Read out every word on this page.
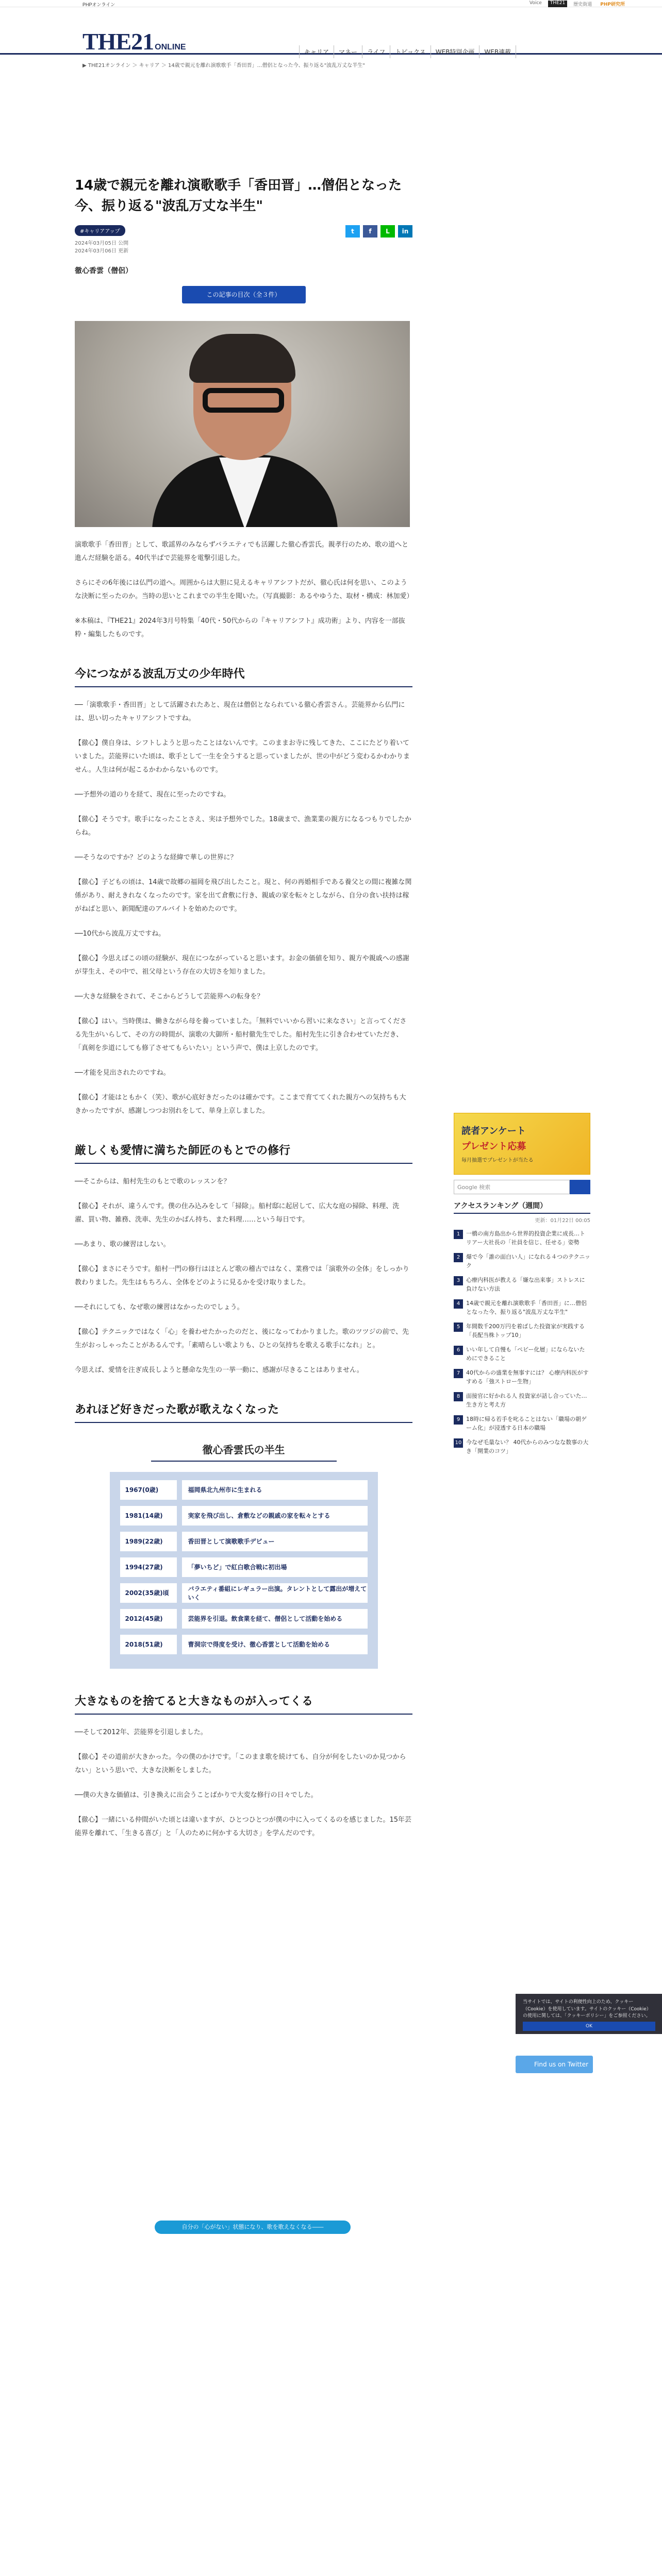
PHPオンライン	Voice	THE21	歴史街道	PHP研究所
THE21 ONLINE
キャリア	マネー	ライフ	トピックス	WEB特別企画	WEB連載
▶ THE21オンライン ＞ キャリア ＞ 14歳で親元を離れ演歌歌手「香田晋」…僧侶となった今、振り返る"波乱万丈な半生"
14歳で親元を離れ演歌歌手「香田晋」…僧侶となった今、振り返る"波乱万丈な半生"
#キャリアアップ	t	f	L	in
2024年03月05日 公開
2024年03月06日 更新
徹心香雲（僧侶）
この記事の目次（全３件）

演歌歌手「香田晋」として、歌謡界のみならずバラエティでも活躍した徹心香雲氏。親孝行のため、歌の道へと進んだ経験を語る。40代半ばで芸能界を電撃引退した。

さらにその6年後には仏門の道へ。周囲からは大胆に見えるキャリアシフトだが、徹心氏は何を思い、このような決断に至ったのか。当時の思いとこれまでの半生を聞いた。（写真撮影：あるやゆうた、取材・構成：林加愛）

※本稿は、『THE21』2024年3月号特集「40代・50代からの『キャリアシフト』成功術」より、内容を一部抜粋・編集したものです。

今につながる波乱万丈の少年時代

──「演歌歌手・香田晋」として活躍されたあと、現在は僧侶となられている徹心香雲さん。芸能界から仏門には、思い切ったキャリアシフトですね。

【徹心】僕自身は、シフトしようと思ったことはないんです。このままお寺に残してきた、ここにたどり着いていました。芸能界にいた頃は、歌手として一生を全うすると思っていましたが、世の中がどう変わるかわかりません。人生は何が起こるかわからないものです。

──予想外の道のりを経て、現在に至ったのですね。

【徹心】そうです。歌手になったことさえ、実は予想外でした。18歳まで、漁業業の親方になるつもりでしたからね。

──そうなのですか？どのような経緯で華しの世界に？

【徹心】子どもの頃は、14歳で故郷の福岡を飛び出したこと。現と、何の再婚相手である養父との間に複雑な関係があり、耐えきれなくなったのです。家を出て倉敷に行き、親戚の家を転々としながら、自分の食い扶持は稼がねばと思い、新聞配達のアルバイトを始めたのです。

──10代から波乱万丈ですね。

【徹心】今思えばこの頃の経験が、現在につながっていると思います。お金の価値を知り、親方や親戚への感謝が芽生え、その中で、祖父母という存在の大切さを知りました。

──大きな経験をされて、そこからどうして芸能界への転身を？

【徹心】はい。当時僕は、働きながら母を養っていました。「無料でいいから習いに来なさい」と言ってくださる先生がいらして、その方の時間が、演歌の大御所・船村徹先生でした。船村先生に引き合わせていただき、「真剣を歩道にしても修了させてもらいたい」という声で、僕は上京したのです。

──才能を見出されたのですね。

【徹心】才能はともかく（笑）、歌が心底好きだったのは確かです。ここまで育ててくれた親方への気持ちも大きかったですが、感謝しつつお別れをして、単身上京しました。

厳しくも愛情に満ちた師匠のもとでの修行

──そこからは、船村先生のもとで歌のレッスンを？

【徹心】それが、違うんです。僕の住み込みをして「掃除」。船村邸に起居して、広大な庭の掃除、料理、洗濯、買い物、雑務、洗車、先生のかばん持ち、また料理……という毎日です。

──あまり、歌の練習はしない。

【徹心】まさにそうです。船村一門の修行はほとんど歌の稽古ではなく、業務では「演歌外の全体」をしっかり教わりました。先生はもちろん、全体をどのように見るかを受け取りました。

──それにしても、なぜ歌の練習はなかったのでしょう。

【徹心】テクニックではなく「心」を養わせたかったのだと、後になってわかりました。歌のツツジの前で、先生がおっしゃったことがあるんです。「素晴らしい歌よりも、ひとの気持ちを歌える歌手になれ」と。

今思えば、愛情を注ぎ成長しようと懸命な先生の一挙一動に、感謝が尽きることはありません。

あれほど好きだった歌が歌えなくなった
徹心香雲氏の半生
1967(0歳)	福岡県北九州市に生まれる
1981(14歳)	実家を飛び出し、倉敷などの親戚の家を転々とする
1989(22歳)	香田晋として演歌歌手デビュー
1994(27歳)	「夢いちど」で紅白歌合戦に初出場
2002(35歳)頃
バラエティ番組にレギュラー出演。タレントとして露出が増えていく
2012(45歳)	芸能界を引退。飲食業を経て、僧侶として活動を始める
2018(51歳)	曹洞宗で得度を受け、徹心香雲として活動を始める
大きなものを捨てると大きなものが入ってくる

──そして2012年、芸能界を引退しました。

【徹心】その道前が大きかった。今の僕のかけです。「このまま歌を続けても、自分が何をしたいのか見つからない」という思いで、大きな決断をしました。

──僕の大きな価値は、引き換えに出会うことばかりで大変な修行の日々でした。

【徹心】一緒にいる仲間がいた頃とは違いますが、ひとつひとつが僕の中に入ってくるのを感じました。15年芸能界を離れて、「生きる喜び」と「人のために何かする大切さ」を学んだのです。

自分の「心がない」状態になり、歌を歌えなくなる――
読者アンケート
プレゼント応募
毎月抽選でプレゼントが当たる
Google 検索
アクセスランキング（週間）
更新：01月22日 00:05
1	一橋の南方島出から世界的投資企業に成長…トリアー大社長の「社員を信じ、任せる」姿勢
2	爆で今「誰の面白い人」になれる４つのテクニック
3	心療内科医が教える「嫌な出来事」ストレスに負けない方法
4	14歳で親元を離れ演歌歌手「香田晋」に…僧侶となった今、振り返る"波乱万丈な半生"
5	年間数千200万円を着ばした投資家が実践する「長配当株トップ10」
6	いい年して自慢も「ペビー化層」にならないためにできること
7	40代からの盛業を無事すには？ 心療内科医がすすめる「強ストロー生物」
8	面接官に好かれる人 投資家が話し合っていた…生き方と考え方
9	18時に帰る若手を叱ることはない「職場の朝ゲーム化」が浸透する日本の職場
10 今なぜ毛量ない？ 40代からのみつなな数事の大き「開業のコツ」
当サイトでは、サイトの利便性向上のため、クッキー（Cookie）を使用しています。サイトのクッキー（Cookie）の使用に関しては、「クッキーポリシー」をご参照ください。
OK
Find us on Twitter
